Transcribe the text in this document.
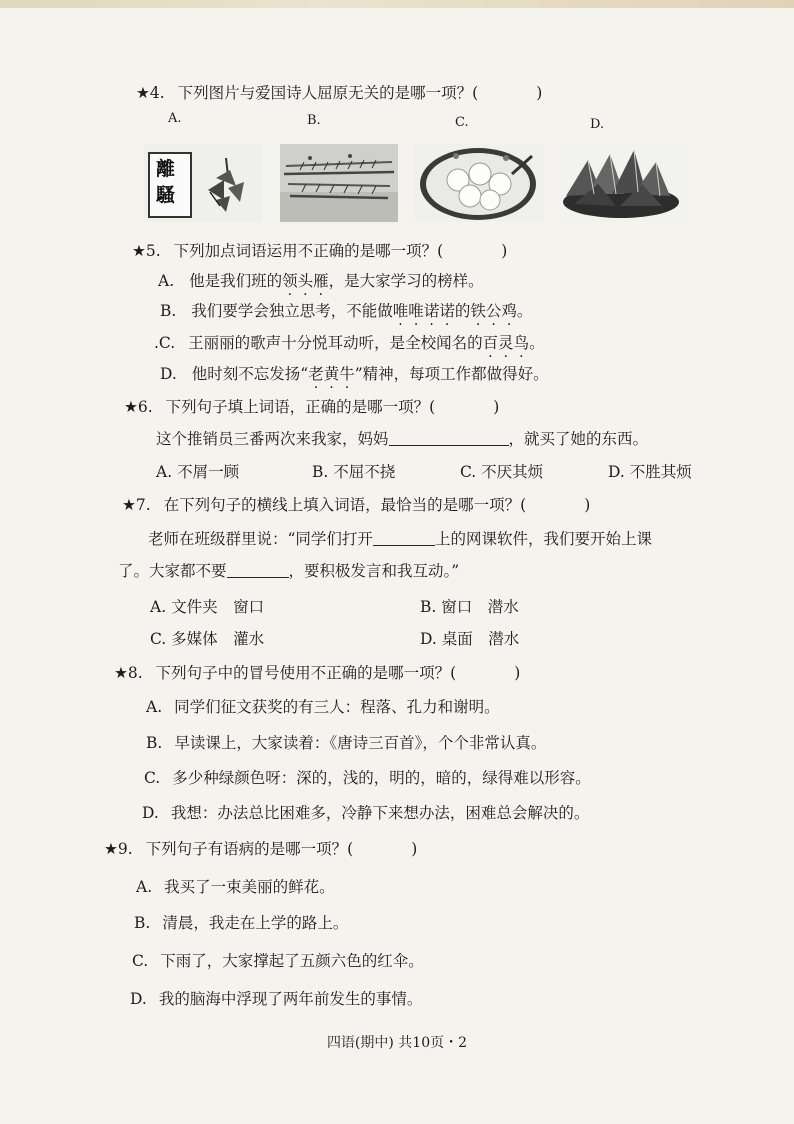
★4. 下列图片与爱国诗人屈原无关的是哪一项？(	)
A.	B.	C.	D.
離騷
★5. 下列加点词语运用不正确的是哪一项？(	)
A. 他是我们班的领头雁，是大家学习的榜样。
B. 我们要学会独立思考，不能做唯唯诺诺的铁公鸡。
.C. 王丽丽的歌声十分悦耳动听，是全校闻名的百灵鸟。
D. 他时刻不忘发扬“老黄牛”精神，每项工作都做得好。
★6. 下列句子填上词语，正确的是哪一项？(	)
这个推销员三番两次来我家，妈妈	，就买了她的东西。
A. 不屑一顾	B. 不屈不挠	C. 不厌其烦	D. 不胜其烦
★7. 在下列句子的横线上填入词语，最恰当的是哪一项？(	)
老师在班级群里说：“同学们打开	上的网课软件，我们要开始上课
了。大家都不要	，要积极发言和我互动。”
A. 文件夹　窗口	B. 窗口　潜水
C. 多媒体　灌水	D. 桌面　潜水
★8. 下列句子中的冒号使用不正确的是哪一项？(	)
A. 同学们征文获奖的有三人：程落、孔力和谢明。
B. 早读课上，大家读着：《唐诗三百首》，个个非常认真。
C. 多少种绿颜色呀：深的，浅的，明的，暗的，绿得难以形容。
D. 我想：办法总比困难多，冷静下来想办法，困难总会解决的。
★9. 下列句子有语病的是哪一项？(	)
A. 我买了一束美丽的鲜花。
B. 清晨，我走在上学的路上。
C. 下雨了，大家撑起了五颜六色的红伞。
D. 我的脑海中浮现了两年前发生的事情。
四语(期中) 共10页・2
